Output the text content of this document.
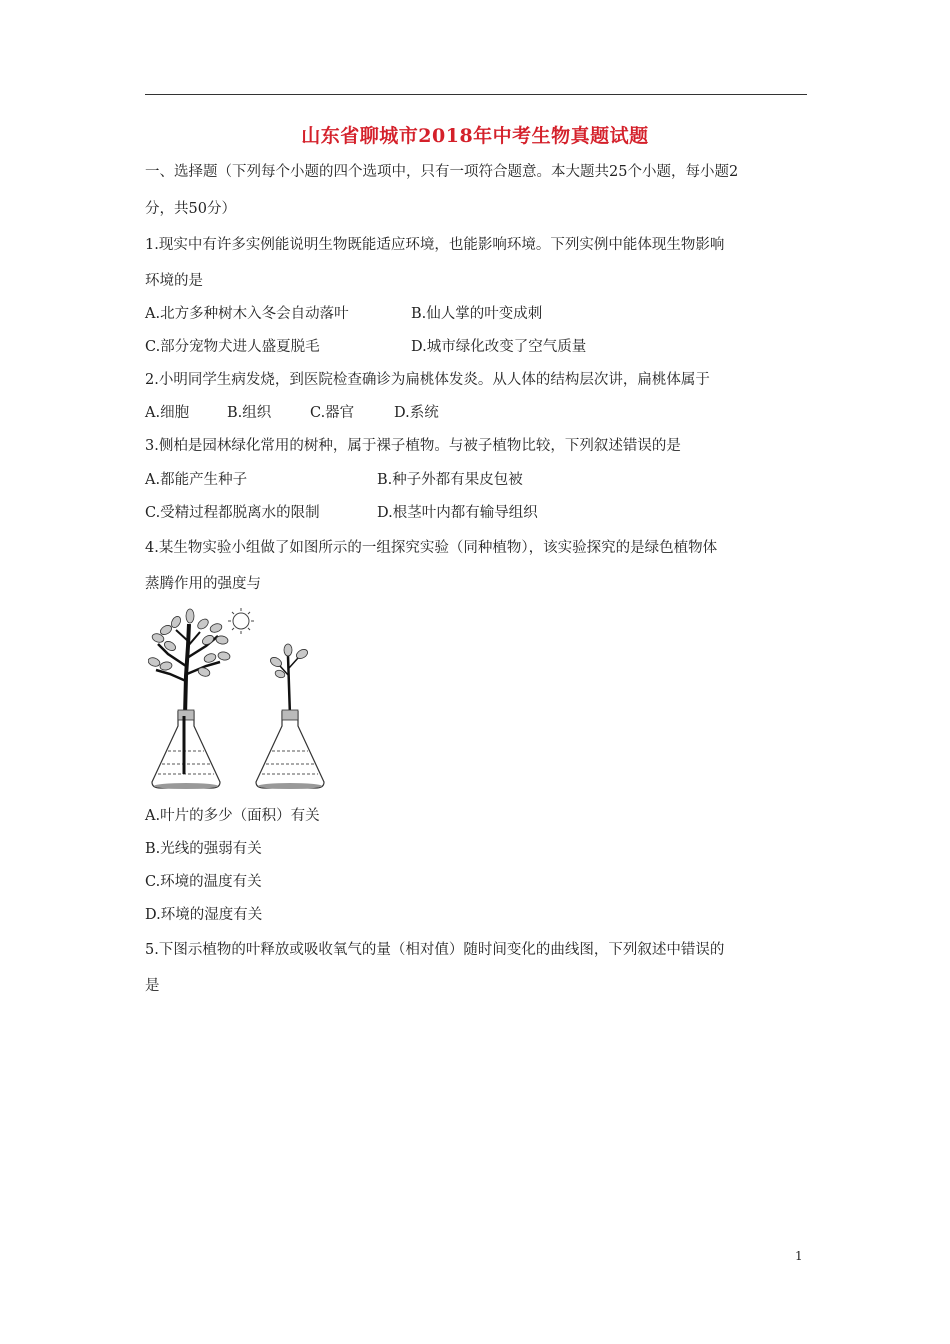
山东省聊城市2018年中考生物真题试题
一、选择题（下列每个小题的四个选项中，只有一项符合题意。本大题共25个小题，每小题2
分，共50分）
1.现实中有许多实例能说明生物既能适应环境，也能影响环境。下列实例中能体现生物影响
环境的是
A.北方多种树木入冬会自动落叶	B.仙人掌的叶变成刺
C.部分宠物犬进人盛夏脱毛	D.城市绿化改变了空气质量
2.小明同学生病发烧，到医院检查确诊为扁桃体发炎。从人体的结构层次讲，扁桃体属于
A.细胞	B.组织	C.器官	D.系统
3.侧柏是园林绿化常用的树种，属于裸子植物。与被子植物比较，下列叙述错误的是
A.都能产生种子	B.种子外都有果皮包被
C.受精过程都脱离水的限制	D.根茎叶内都有输导组织
4.某生物实验小组做了如图所示的一组探究实验（同种植物），该实验探究的是绿色植物体
蒸腾作用的强度与
A.叶片的多少（面积）有关
B.光线的强弱有关
C.环境的温度有关
D.环境的湿度有关
5.下图示植物的叶释放或吸收氧气的量（相对值）随时间变化的曲线图，下列叙述中错误的
是
1
